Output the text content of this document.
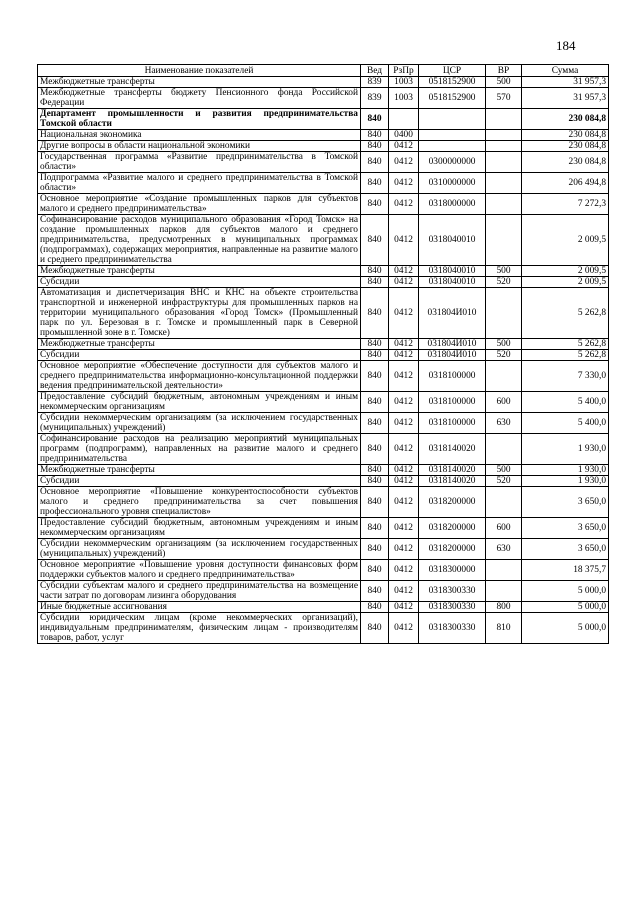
184
Наименование показателей	Вед	РзПр	ЦСР	ВР	Сумма
Межбюджетные трансферты	839	1003	0518152900	500	31 957,3
Межбюджетные трансферты бюджету Пенсионного фонда Российской Федерации	839	1003	0518152900	570	31 957,3
Департамент промышленности и развития предпринимательства Томской области	840				230 084,8
Национальная экономика	840	0400			230 084,8
Другие вопросы в области национальной экономики	840	0412			230 084,8
Государственная программа «Развитие предпринимательства в Томской области»	840	0412	0300000000		230 084,8
Подпрограмма «Развитие малого и среднего предпринимательства в Томской области»	840	0412	0310000000		206 494,8
Основное мероприятие «Создание промышленных парков для субъектов малого и среднего предпринимательства»	840	0412	0318000000		7 272,3
Софинансирование расходов муниципального образования «Город Томск» на создание промышленных парков для субъектов малого и среднего предпринимательства, предусмотренных в муниципальных программах (подпрограммах), содержащих мероприятия, направленные на развитие малого и среднего предпринимательства	840	0412	0318040010		2 009,5
Межбюджетные трансферты	840	0412	0318040010	500	2 009,5
Субсидии	840	0412	0318040010	520	2 009,5
Автоматизация и диспетчеризация ВНС и КНС на объекте строительства транспортной и инженерной инфраструктуры для промышленных парков на территории муниципального образования «Город Томск» (Промышленный парк по ул. Березовая в г. Томске и промышленный парк в Северной промышленной зоне в г. Томске)	840	0412	031804И010		5 262,8
Межбюджетные трансферты	840	0412	031804И010	500	5 262,8
Субсидии	840	0412	031804И010	520	5 262,8
Основное мероприятие «Обеспечение доступности для субъектов малого и среднего предпринимательства информационно-консультационной поддержки ведения предпринимательской деятельности»	840	0412	0318100000		7 330,0
Предоставление субсидий бюджетным, автономным учреждениям и иным некоммерческим организациям	840	0412	0318100000	600	5 400,0
Субсидии некоммерческим организациям (за исключением государственных (муниципальных) учреждений)	840	0412	0318100000	630	5 400,0
Софинансирование расходов на реализацию мероприятий муниципальных программ (подпрограмм), направленных на развитие малого и среднего предпринимательства	840	0412	0318140020		1 930,0
Межбюджетные трансферты	840	0412	0318140020	500	1 930,0
Субсидии	840	0412	0318140020	520	1 930,0
Основное мероприятие «Повышение конкурентоспособности субъектов малого и среднего предпринимательства за счет повышения профессионального уровня специалистов»	840	0412	0318200000		3 650,0
Предоставление субсидий бюджетным, автономным учреждениям и иным некоммерческим организациям	840	0412	0318200000	600	3 650,0
Субсидии некоммерческим организациям (за исключением государственных (муниципальных) учреждений)	840	0412	0318200000	630	3 650,0
Основное мероприятие «Повышение уровня доступности финансовых форм поддержки субъектов малого и среднего предпринимательства»	840	0412	0318300000		18 375,7
Субсидии субъектам малого и среднего предпринимательства на возмещение части затрат по договорам лизинга оборудования	840	0412	0318300330		5 000,0
Иные бюджетные ассигнования	840	0412	0318300330	800	5 000,0
Субсидии юридическим лицам (кроме некоммерческих организаций), индивидуальным предпринимателям, физическим лицам - производителям товаров, работ, услуг	840	0412	0318300330	810	5 000,0
